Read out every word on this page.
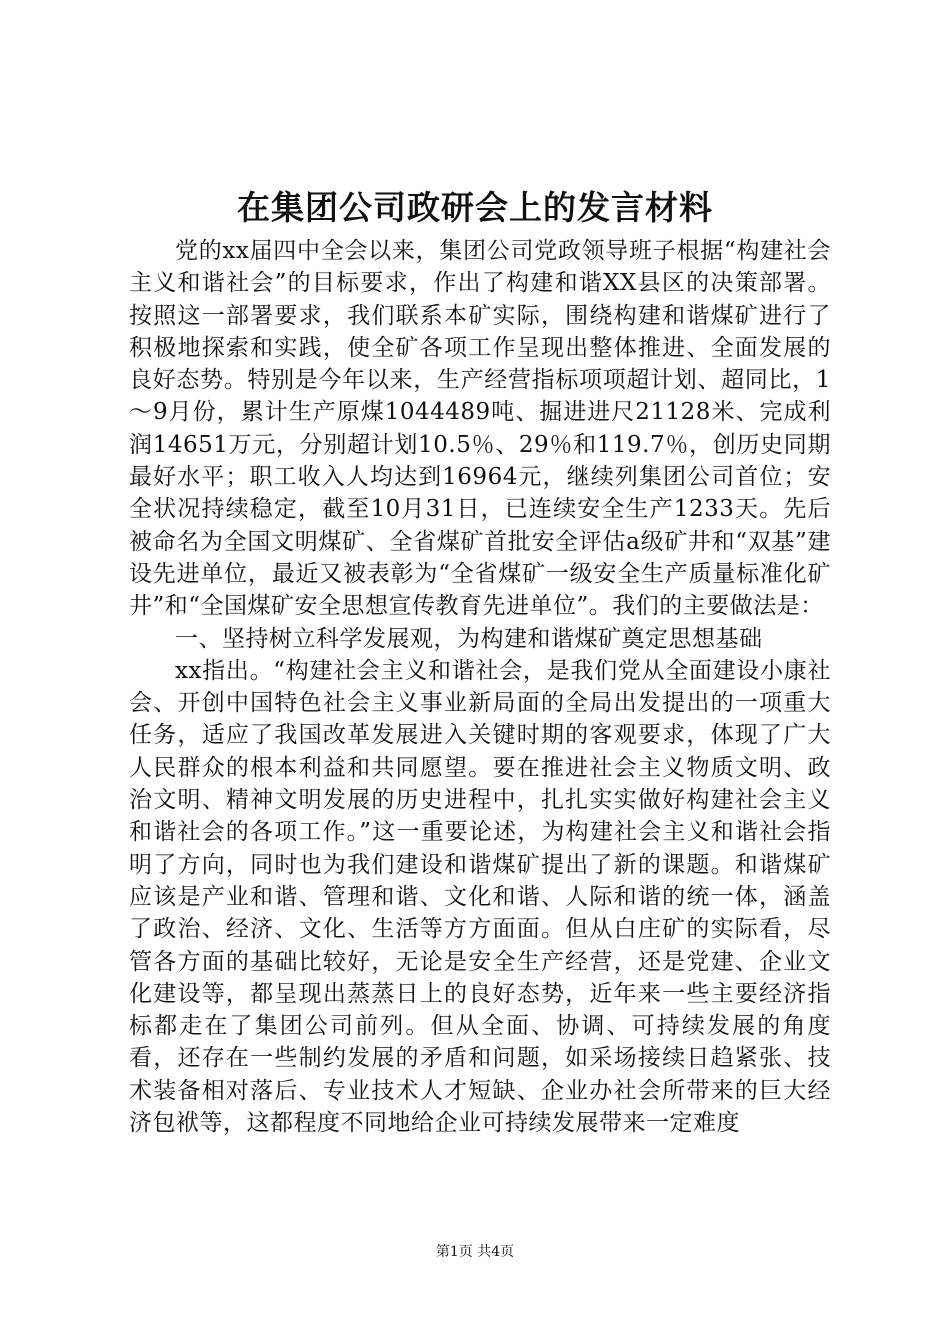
在集团公司政研会上的发言材料

党的xx届四中全会以来，集团公司党政领导班子根据“构建社会主义和谐社会”的目标要求，作出了构建和谐XX县区的决策部署。按照这一部署要求，我们联系本矿实际，围绕构建和谐煤矿进行了积极地探索和实践，使全矿各项工作呈现出整体推进、全面发展的良好态势。特别是今年以来，生产经营指标项项超计划、超同比，1～9月份，累计生产原煤1044489吨、掘进进尺21128米、完成利润14651万元，分别超计划10.5％、29％和119.7％，创历史同期最好水平；职工收入人均达到16964元，继续列集团公司首位；安全状况持续稳定，截至10月31日，已连续安全生产1233天。先后被命名为全国文明煤矿、全省煤矿首批安全评估a级矿井和“双基”建设先进单位，最近又被表彰为“全省煤矿一级安全生产质量标准化矿井”和“全国煤矿安全思想宣传教育先进单位”。我们的主要做法是：

一、坚持树立科学发展观，为构建和谐煤矿奠定思想基础

xx指出。“构建社会主义和谐社会，是我们党从全面建设小康社会、开创中国特色社会主义事业新局面的全局出发提出的一项重大任务，适应了我国改革发展进入关键时期的客观要求，体现了广大人民群众的根本利益和共同愿望。要在推进社会主义物质文明、政治文明、精神文明发展的历史进程中，扎扎实实做好构建社会主义和谐社会的各项工作。”这一重要论述，为构建社会主义和谐社会指明了方向，同时也为我们建设和谐煤矿提出了新的课题。和谐煤矿应该是产业和谐、管理和谐、文化和谐、人际和谐的统一体，涵盖了政治、经济、文化、生活等方方面面。但从白庄矿的实际看，尽管各方面的基础比较好，无论是安全生产经营，还是党建、企业文化建设等，都呈现出蒸蒸日上的良好态势，近年来一些主要经济指标都走在了集团公司前列。但从全面、协调、可持续发展的角度看，还存在一些制约发展的矛盾和问题，如采场接续日趋紧张、技术装备相对落后、专业技术人才短缺、企业办社会所带来的巨大经济包袱等，这都程度不同地给企业可持续发展带来一定难度

第1页 共4页
